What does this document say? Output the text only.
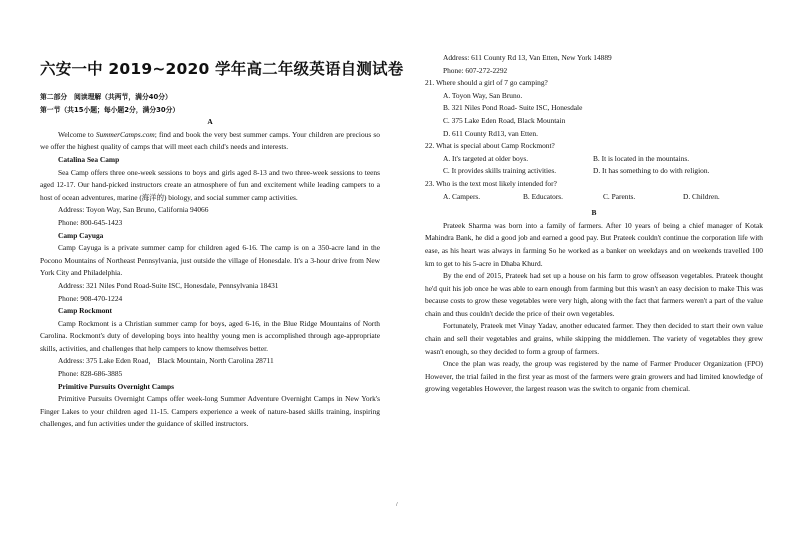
六安一中 2019~2020 学年高二年级英语自测试卷
第二部分　阅读理解（共两节，满分40分）
第一节（共15小题；每小题2分，满分30分）
A

Welcome to SummerCamps.com; find and book the very best summer camps. Your children are precious so we offer the highest quality of camps that will meet each child's needs and interests.

Catalina Sea Camp

Sea Camp offers three one-week sessions to boys and girls aged 8-13 and two three-week sessions to teens aged 12-17. Our hand-picked instructors create an atmosphere of fun and excitement while leading campers to a host of ocean adventures, marine (海洋的) biology, and social summer camp activities.

Address: Toyon Way, San Bruno, California 94066

Phone: 800-645-1423

Camp Cayuga

Camp Cayuga is a private summer camp for children aged 6-16. The camp is on a 350-acre land in the Pocono Mountains of Northeast Pennsylvania, just outside the village of Honesdale. It's a 3-hour drive from New York City and Philadelphia.

Address: 321 Niles Pond Road-Suite ISC, Honesdale, Pennsylvania 18431

Phone: 908-470-1224

Camp Rockmont

Camp Rockmont is a Christian summer camp for boys, aged 6-16, in the Blue Ridge Mountains of North Carolina. Rockmont's duty of developing boys into healthy young men is accomplished through age-appropriate skills, activities, and challenges that help campers to know themselves better.

Address: 375 Lake Eden Road， Black Mountain, North Carolina 28711

Phone: 828-686-3885

Primitive Pursuits Overnight Camps

Primitive Pursuits Overnight Camps offer week-long Summer Adventure Overnight Camps in New York's Finger Lakes to your children aged 11-15. Campers experience a week of nature-based skills training, inspiring challenges, and fun activities under the guidance of skilled instructors.

Address: 611 County Rd 13, Van Etten, New York 14889

Phone: 607-272-2292

21. Where should a girl of 7 go camping?

A. Toyon Way, San Bruno.

B. 321 Niles Pond Road- Suite ISC, Honesdale

C. 375 Lake Eden Road, Black Mountain

D. 611 County Rd13, van Etten.

22. What is special about Camp Rockmont?

A. It's targeted at older boys.	B. It is located in the mountains.
C. It provides skills training activities.	D. It has something to do with religion.

23. Who is the text most likely intended for?

A. Campers.	B. Educators.	C. Parents.	D. Children.
B

Prateek Sharma was born into a family of farmers. After 10 years of being a chief manager of Kotak Mahindra Bank, he did a good job and earned a good pay. But Prateek couldn't continue the corporation life with ease, as his heart was always in farming So he worked as a banker on weekdays and on weekends travelled 100 km to get to his 5-acre in Dhaba Khurd.

By the end of 2015, Prateek had set up a house on his farm to grow offseason vegetables. Prateek thought he'd quit his job once he was able to earn enough from farming but this wasn't an easy decision to make This was because costs to grow these vegetables were very high, along with the fact that farmers weren't a part of the value chain and thus couldn't decide the price of their own vegetables.

Fortunately, Prateek met Vinay Yadav, another educated farmer. They then decided to start their own value chain and sell their vegetables and grains, while skipping the middlemen. The variety of vegetables they grew wasn't enough, so they decided to form a group of farmers.

Once the plan was ready, the group was registered by the name of Farmer Producer Organization (FPO) However, the trial failed in the first year as most of the farmers were grain growers and had limited knowledge of growing vegetables However, the largest reason was the switch to organic from chemical.

/
